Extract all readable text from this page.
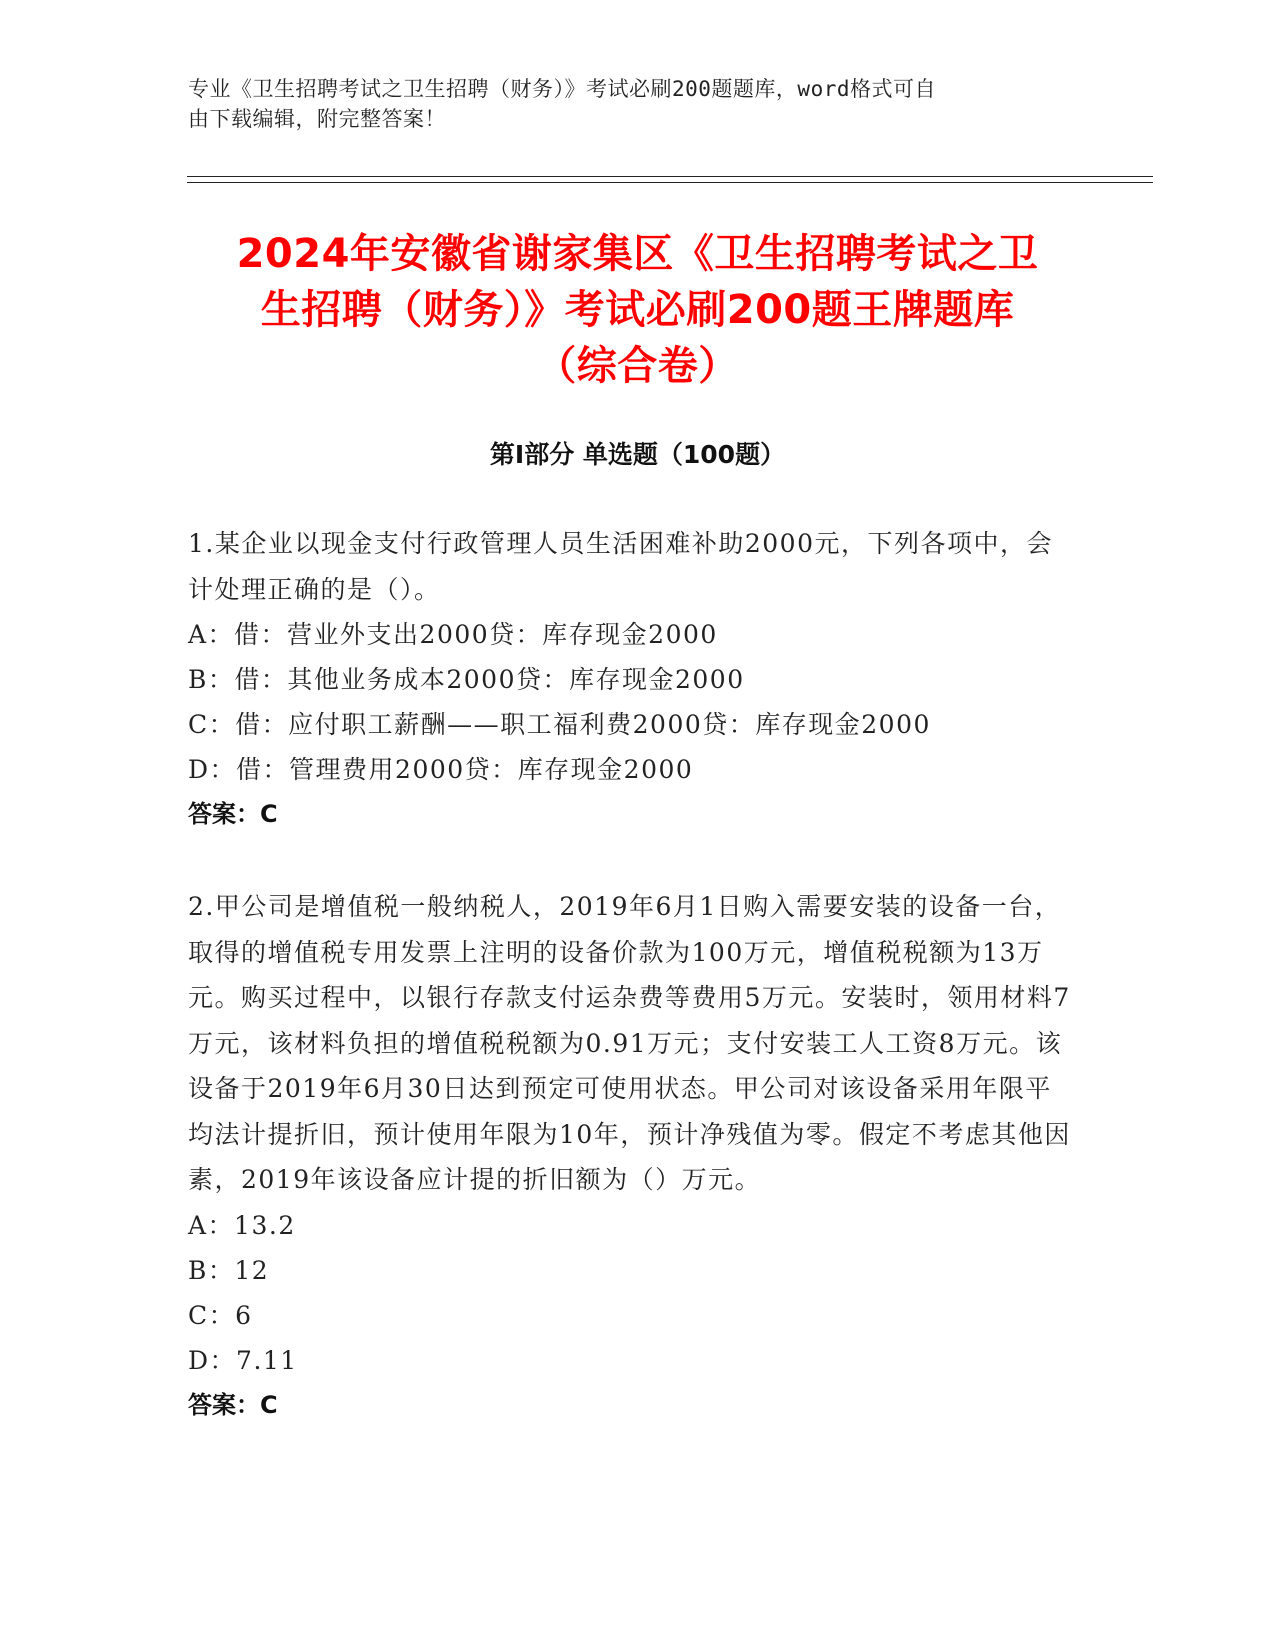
专业《卫生招聘考试之卫生招聘（财务）》考试必刷200题题库，word格式可自
由下载编辑，附完整答案！
2024年安徽省谢家集区《卫生招聘考试之卫
生招聘（财务）》考试必刷200题王牌题库
（综合卷）
第Ⅰ部分 单选题（100题）

1.某企业以现金支付行政管理人员生活困难补助2000元，下列各项中，会计处理正确的是（）。

A：借：营业外支出2000贷：库存现金2000

B：借：其他业务成本2000贷：库存现金2000

C：借：应付职工薪酬——职工福利费2000贷：库存现金2000

D：借：管理费用2000贷：库存现金2000

答案：C

2.甲公司是增值税一般纳税人，2019年6月1日购入需要安装的设备一台，取得的增值税专用发票上注明的设备价款为100万元，增值税税额为13万元。购买过程中，以银行存款支付运杂费等费用5万元。安装时，领用材料7万元，该材料负担的增值税税额为0.91万元；支付安装工人工资8万元。该设备于2019年6月30日达到预定可使用状态。甲公司对该设备采用年限平均法计提折旧，预计使用年限为10年，预计净残值为零。假定不考虑其他因素，2019年该设备应计提的折旧额为（）万元。

A：13.2

B：12

C：6

D：7.11

答案：C
